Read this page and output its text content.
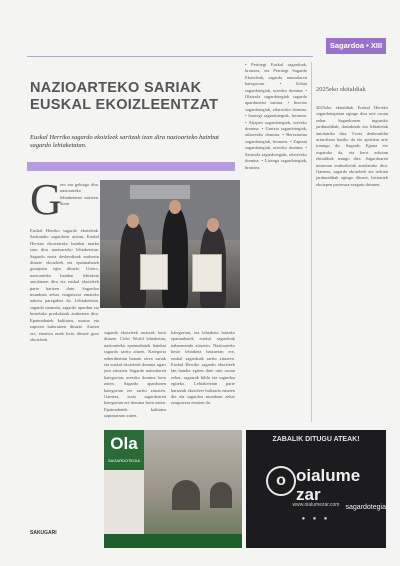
Sagardoa • XIII
NAZIOARTEKO SARIAK EUSKAL EKOIZLEENTZAT
Euskal Herriko sagardo ekoizleek saritzak izan dira nazioarteko hainbat sagardo lehiaketatan.
G
ero eta gehiago dira nazioarteko lehiaketetan saritzen diren
Euskal Herriko sagardo ekoizleak. Saritutako sagardoen artean, Euskal Herrian ekoiztutako hainbat marka izan dira nazioarteko lehiaketetan. Sagardo mota desberdinak aurkeztu dituzte ekoizleek eta epaimahaiek goraipatu egin dituzte. Urtero, nazioarteko hainbat lehiaketa antolatzen dira eta euskal ekoizleek parte hartzen dute. Sagardoa munduan zehar ezagutzera emateko aukera paregabea da. Lehiaketetan, sagardo naturala, sagardo apardun eta bestelako produktuak aurkezten dira. Epaimahaiek kalitatea, usaina eta zaporea baloratzen dituzte. Aurten ere, emaitza onak lortu dituzte gure ekoizleek.
sagardo ekoizleek saritzak lortu dituzte. Cider World lehiaketan, nazioarteko epaimahaiek hainbat sagardo saritu zituen. Kategoria ezberdinetan banatu ziren sariak eta euskal ekoizleek domina ugari jaso zituzten. Sagardo naturalaren kategorian, urrezko domina lortu zuten. Sagardo apardunen kategorian ere saritu zituzten. Gainera, izotz sagardoaren kategorian ere domina lortu zuten. Epaimahaiek kalitatea azpimarratu zuten.
kategorian, eta lehiaketa hartako epaimahaiek euskal sagardoak nabarmendu zituzten. Nazioarteko beste lehiaketa batzuetan ere, euskal sagardoak saritu zituzten. Euskal Herriko sagardo ekoizleek lan handia egiten dute urte osoan zehar, sagarrak bildu eta sagardoa egiteko. Lehiaketetan parte hartzeak ekoizleei bultzada ematen die eta sagardoa munduan zehar ezagutzera ematen du.
• Petritegi Euskal sagardoak, bronzea, eta Petritegi Sagardo Ekoizleak, sagardo naturalaren kategorian. • Zelaia sagardotegiak, urrezko domina. • Olaizola sagardotegiak sagardo apardunean saritua. • Iturrioz sagardotegiak, zilarrezko domina. • Isastegi sagardotegiak, bronzea. • Aitzpea sagardotegiak, urrezko domina. • Gartzia sagardotegiak, zilarrezko domina. • Bereziartua sagardotegiak, bronzea. • Zapiain sagardotegiak, urrezko domina. • Sarasola sagardotegiak, zilarrezko domina. • Lizeaga sagardotegiak, bronzea.
2025eko ekitaldiak
2025eko ekitaldiak Euskal Herriko sagardotegietan egingo dira urte osoan zehar. Sagardoaren inguruko jardunaldiak, dastaketak eta lehiaketak antolatuko dira. Txotx denboraldia urtarrilean hasiko da eta apirilera arte iraungo du. Sagardo Eguna ere ospatuko da, eta herri askotan ekitaldiak izango dira. Sagardoaren museoan erakusketak antolatuko dira. Gainera, sagardo ekoizleek ate irekien jardunaldiak egingo dituzte, bisitariek ekoizpen prozesua ezagutu dezaten.
SAKUGARI
Ola
SAGARDOTEGIA
ZABALIK DITUGU ATEAK!
o oialume zar
sagardotegia
www.oialumezar.com
● ● ●
